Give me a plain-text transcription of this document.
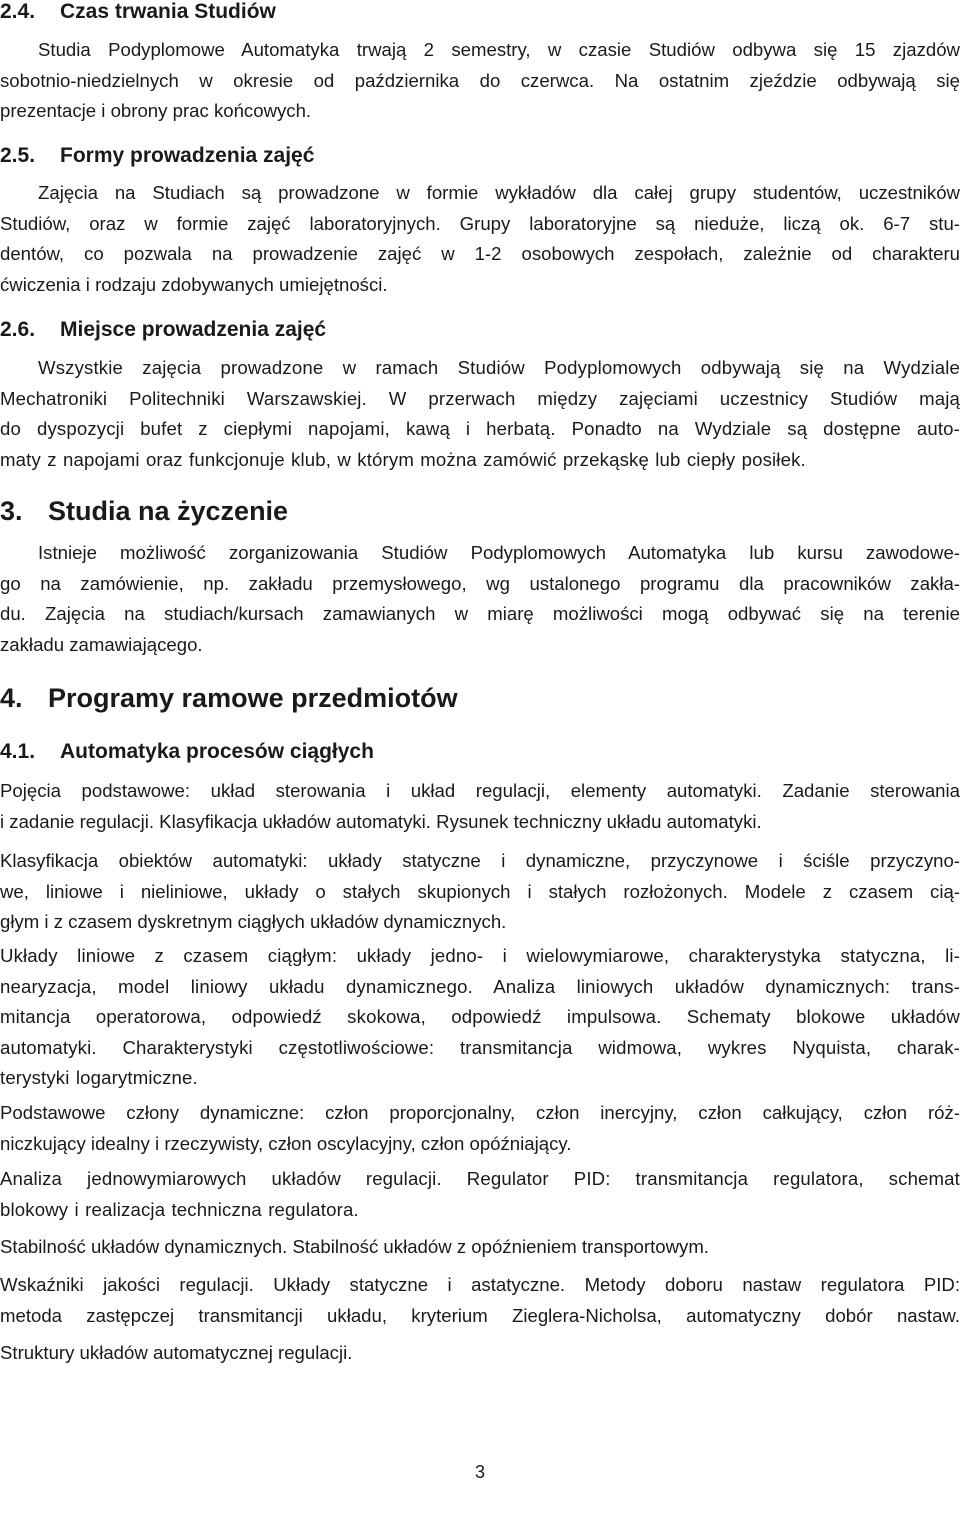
2.4. Czas trwania Studiów
Studia Podyplomowe Automatyka trwają 2 semestry, w czasie Studiów odbywa się 15 zjazdów
sobotnio-niedzielnych w okresie od października do czerwca. Na ostatnim zjeździe odbywają się
prezentacje i obrony prac końcowych.
2.5. Formy prowadzenia zajęć
Zajęcia na Studiach są prowadzone w formie wykładów dla całej grupy studentów, uczestników
Studiów, oraz w formie zajęć laboratoryjnych. Grupy laboratoryjne są nieduże, liczą ok. 6-7 stu-
dentów, co pozwala na prowadzenie zajęć w 1-2 osobowych zespołach, zależnie od charakteru
ćwiczenia i rodzaju zdobywanych umiejętności.
2.6. Miejsce prowadzenia zajęć
Wszystkie zajęcia prowadzone w ramach Studiów Podyplomowych odbywają się na Wydziale
Mechatroniki Politechniki Warszawskiej. W przerwach między zajęciami uczestnicy Studiów mają
do dyspozycji bufet z ciepłymi napojami, kawą i herbatą. Ponadto na Wydziale są dostępne auto-
maty z napojami oraz funkcjonuje klub, w którym można zamówić przekąskę lub ciepły posiłek.
3. Studia na życzenie
Istnieje możliwość zorganizowania Studiów Podyplomowych Automatyka lub kursu zawodowe-
go na zamówienie, np. zakładu przemysłowego, wg ustalonego programu dla pracowników zakła-
du. Zajęcia na studiach/kursach zamawianych w miarę możliwości mogą odbywać się na terenie
zakładu zamawiającego.
4. Programy ramowe przedmiotów
4.1. Automatyka procesów ciągłych
Pojęcia podstawowe: układ sterowania i układ regulacji, elementy automatyki. Zadanie sterowania
i zadanie regulacji. Klasyfikacja układów automatyki. Rysunek techniczny układu automatyki.
Klasyfikacja obiektów automatyki: układy statyczne i dynamiczne, przyczynowe i ściśle przyczyno-
we, liniowe i nieliniowe, układy o stałych skupionych i stałych rozłożonych. Modele z czasem cią-
głym i z czasem dyskretnym ciągłych układów dynamicznych.
Układy liniowe z czasem ciągłym: układy jedno- i wielowymiarowe, charakterystyka statyczna, li-
nearyzacja, model liniowy układu dynamicznego. Analiza liniowych układów dynamicznych: trans-
mitancja operatorowa, odpowiedź skokowa, odpowiedź impulsowa. Schematy blokowe układów
automatyki. Charakterystyki częstotliwościowe: transmitancja widmowa, wykres Nyquista, charak-
terystyki logarytmiczne.
Podstawowe człony dynamiczne: człon proporcjonalny, człon inercyjny, człon całkujący, człon róż-
niczkujący idealny i rzeczywisty, człon oscylacyjny, człon opóźniający.
Analiza jednowymiarowych układów regulacji. Regulator PID: transmitancja regulatora, schemat
blokowy i realizacja techniczna regulatora.
Stabilność układów dynamicznych. Stabilność układów z opóźnieniem transportowym.
Wskaźniki jakości regulacji. Układy statyczne i astatyczne. Metody doboru nastaw regulatora PID:
metoda zastępczej transmitancji układu, kryterium Zieglera-Nicholsa, automatyczny dobór nastaw.
Struktury układów automatycznej regulacji.
3
